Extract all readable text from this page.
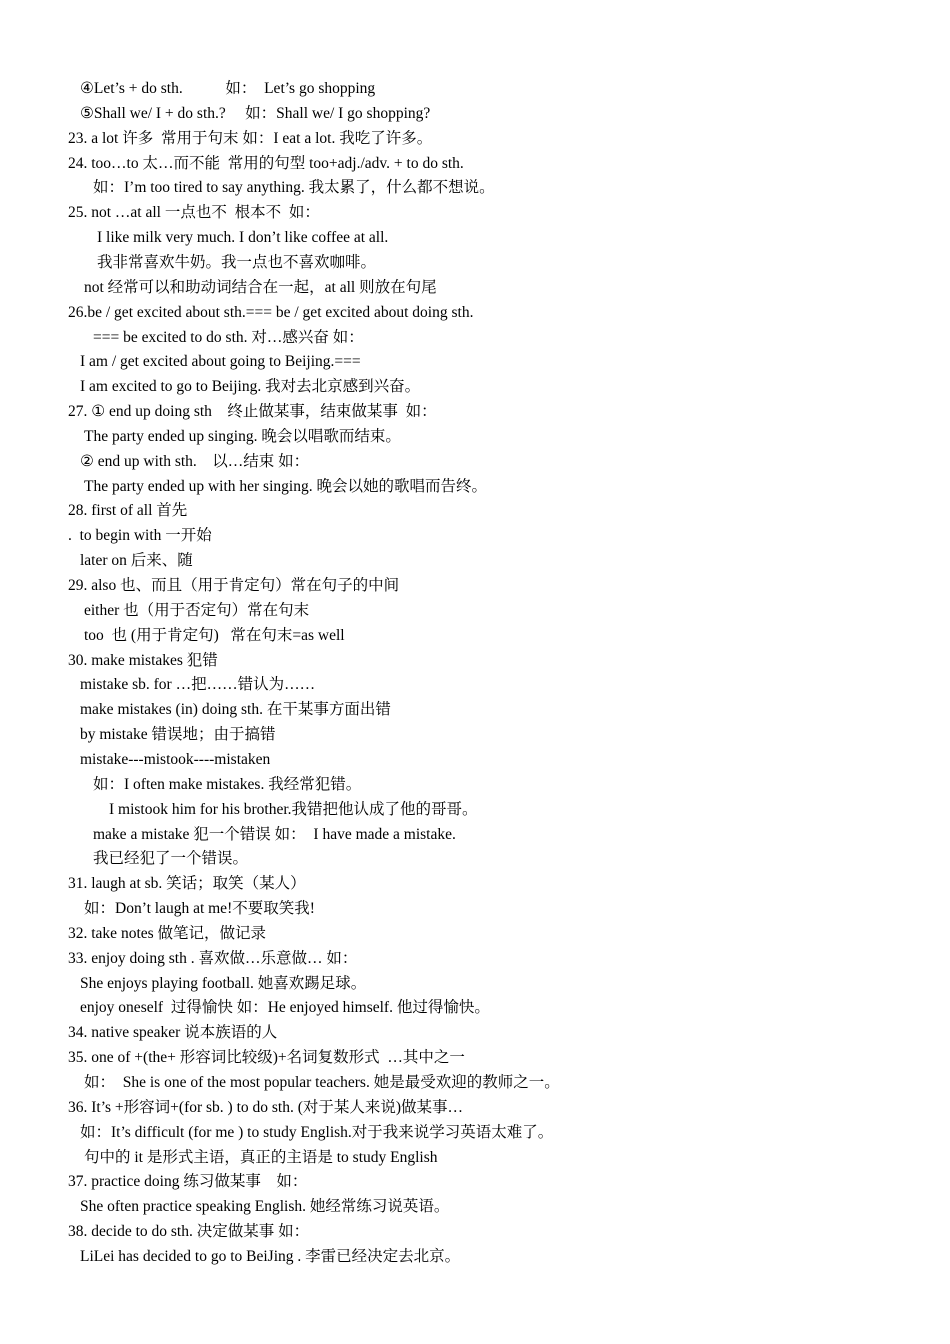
④Let’s + do sth.           如：  Let’s go shopping
⑤Shall we/ I + do sth.?     如：Shall we/ I go shopping?
23. a lot 许多  常用于句末 如：I eat a lot. 我吃了许多。
24. too…to 太…而不能  常用的句型 too+adj./adv. + to do sth.
如：I’m too tired to say anything. 我太累了，什么都不想说。
25. not …at all 一点也不  根本不  如：
I like milk very much. I don’t like coffee at all.
我非常喜欢牛奶。我一点也不喜欢咖啡。
not 经常可以和助动词结合在一起，at all 则放在句尾
26.be / get excited about sth.=== be / get excited about doing sth.
=== be excited to do sth. 对…感兴奋 如：
I am / get excited about going to Beijing.===
I am excited to go to Beijing. 我对去北京感到兴奋。
27. ① end up doing sth    终止做某事，结束做某事  如：
The party ended up singing. 晚会以唱歌而结束。
② end up with sth.    以…结束 如：
The party ended up with her singing. 晚会以她的歌唱而告终。
28. first of all 首先
.  to begin with 一开始
later on 后来、随
29. also 也、而且（用于肯定句）常在句子的中间
either 也（用于否定句）常在句末
too  也 (用于肯定句)   常在句末=as well
30. make mistakes 犯错
mistake sb. for …把……错认为……
make mistakes (in) doing sth. 在干某事方面出错
by mistake 错误地；由于搞错
mistake---mistook----mistaken
如：I often make mistakes. 我经常犯错。
I mistook him for his brother.我错把他认成了他的哥哥。
make a mistake 犯一个错误 如：  I have made a mistake.
我已经犯了一个错误。
31. laugh at sb. 笑话；取笑（某人）
如：Don’t laugh at me!不要取笑我!
32. take notes 做笔记，做记录
33. enjoy doing sth . 喜欢做…乐意做… 如：
She enjoys playing football. 她喜欢踢足球。
enjoy oneself  过得愉快 如：He enjoyed himself. 他过得愉快。
34. native speaker 说本族语的人
35. one of +(the+ 形容词比较级)+名词复数形式  …其中之一
如：  She is one of the most popular teachers. 她是最受欢迎的教师之一。
36. It’s +形容词+(for sb. ) to do sth. (对于某人来说)做某事…
如：It’s difficult (for me ) to study English.对于我来说学习英语太难了。
句中的 it 是形式主语，真正的主语是 to study English
37. practice doing 练习做某事    如：
She often practice speaking English. 她经常练习说英语。
38. decide to do sth. 决定做某事 如：
LiLei has decided to go to BeiJing . 李雷已经决定去北京。
